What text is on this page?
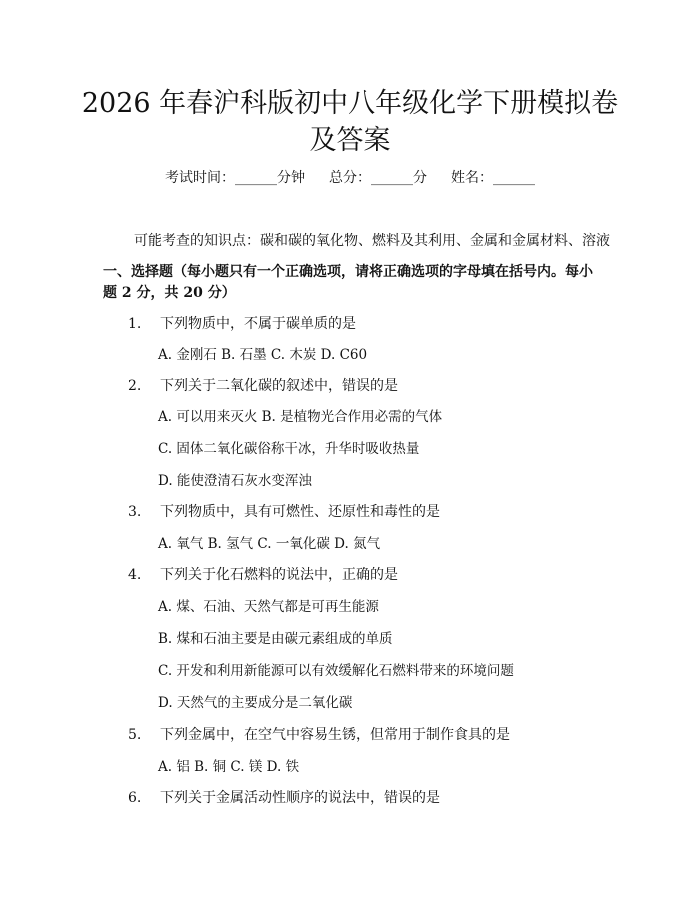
2026 年春沪科版初中八年级化学下册模拟卷
及答案
考试时间：______分钟 总分：______分 姓名：______
可能考查的知识点：碳和碳的氧化物、燃料及其利用、金属和金属材料、溶液
一、选择题（每小题只有一个正确选项，请将正确选项的字母填在括号内。每小
题 2 分，共 20 分）
1. 下列物质中，不属于碳单质的是
A. 金刚石 B. 石墨 C. 木炭 D. C60
2. 下列关于二氧化碳的叙述中，错误的是
A. 可以用来灭火 B. 是植物光合作用必需的气体
C. 固体二氧化碳俗称干冰，升华时吸收热量
D. 能使澄清石灰水变浑浊
3. 下列物质中，具有可燃性、还原性和毒性的是
A. 氧气 B. 氢气 C. 一氧化碳 D. 氮气
4. 下列关于化石燃料的说法中，正确的是
A. 煤、石油、天然气都是可再生能源
B. 煤和石油主要是由碳元素组成的单质
C. 开发和利用新能源可以有效缓解化石燃料带来的环境问题
D. 天然气的主要成分是二氧化碳
5. 下列金属中，在空气中容易生锈，但常用于制作食具的是
A. 铝 B. 铜 C. 镁 D. 铁
6. 下列关于金属活动性顺序的说法中，错误的是
